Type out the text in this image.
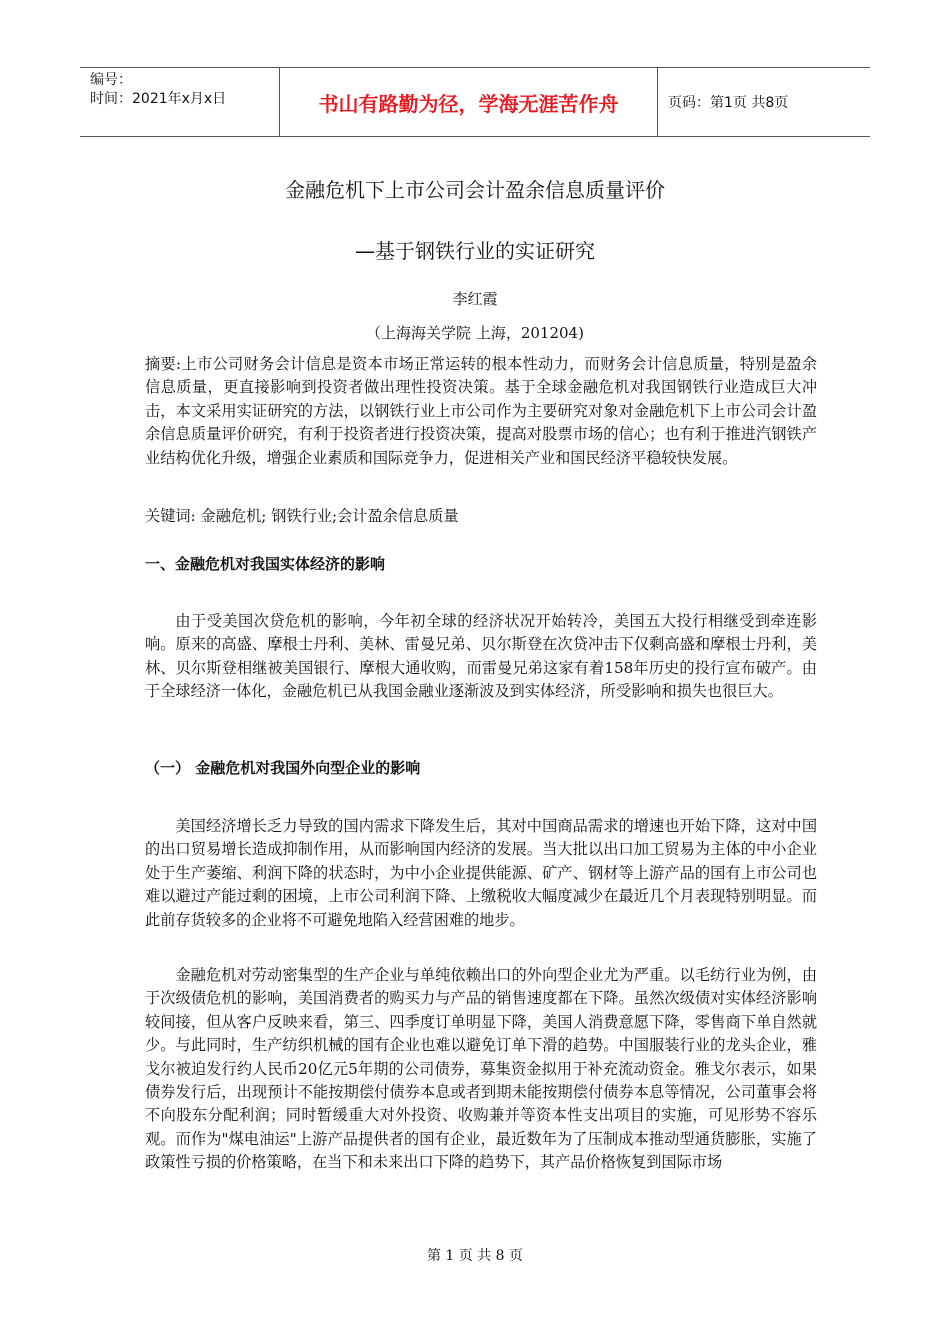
编号：
时间：2021年x月x日	书山有路勤为径，学海无涯苦作舟	页码：第1页 共8页
金融危机下上市公司会计盈余信息质量评价
—基于钢铁行业的实证研究
李红霞
（上海海关学院 上海，201204)

摘要:上市公司财务会计信息是资本市场正常运转的根本性动力，而财务会计信息质量，特别是盈余信息质量，更直接影响到投资者做出理性投资决策。基于全球金融危机对我国钢铁行业造成巨大冲击，本文采用实证研究的方法，以钢铁行业上市公司作为主要研究对象对金融危机下上市公司会计盈余信息质量评价研究，有利于投资者进行投资决策，提高对股票市场的信心；也有利于推进汽钢铁产业结构优化升级，增强企业素质和国际竞争力，促进相关产业和国民经济平稳较快发展。

关键词: 金融危机; 钢铁行业;会计盈余信息质量

一、金融危机对我国实体经济的影响

由于受美国次贷危机的影响，今年初全球的经济状况开始转冷，美国五大投行相继受到牵连影响。原来的高盛、摩根士丹利、美林、雷曼兄弟、贝尔斯登在次贷冲击下仅剩高盛和摩根士丹利，美林、贝尔斯登相继被美国银行、摩根大通收购，而雷曼兄弟这家有着158年历史的投行宣布破产。由于全球经济一体化，金融危机已从我国金融业逐渐波及到实体经济，所受影响和损失也很巨大。

（一） 金融危机对我国外向型企业的影响

美国经济增长乏力导致的国内需求下降发生后，其对中国商品需求的增速也开始下降，这对中国的出口贸易增长造成抑制作用，从而影响国内经济的发展。当大批以出口加工贸易为主体的中小企业处于生产萎缩、利润下降的状态时，为中小企业提供能源、矿产、钢材等上游产品的国有上市公司也难以避过产能过剩的困境，上市公司利润下降、上缴税收大幅度减少在最近几个月表现特别明显。而此前存货较多的企业将不可避免地陷入经营困难的地步。

金融危机对劳动密集型的生产企业与单纯依赖出口的外向型企业尤为严重。以毛纺行业为例，由于次级债危机的影响，美国消费者的购买力与产品的销售速度都在下降。虽然次级债对实体经济影响较间接，但从客户反映来看，第三、四季度订单明显下降，美国人消费意愿下降，零售商下单自然就少。与此同时，生产纺织机械的国有企业也难以避免订单下滑的趋势。中国服装行业的龙头企业，雅戈尔被迫发行约人民币20亿元5年期的公司债券，募集资金拟用于补充流动资金。雅戈尔表示，如果债券发行后，出现预计不能按期偿付债券本息或者到期未能按期偿付债券本息等情况，公司董事会将不向股东分配利润；同时暂缓重大对外投资、收购兼并等资本性支出项目的实施，可见形势不容乐观。而作为"煤电油运"上游产品提供者的国有企业，最近数年为了压制成本推动型通货膨胀，实施了政策性亏损的价格策略，在当下和未来出口下降的趋势下，其产品价格恢复到国际市场

第 1 页 共 8 页
